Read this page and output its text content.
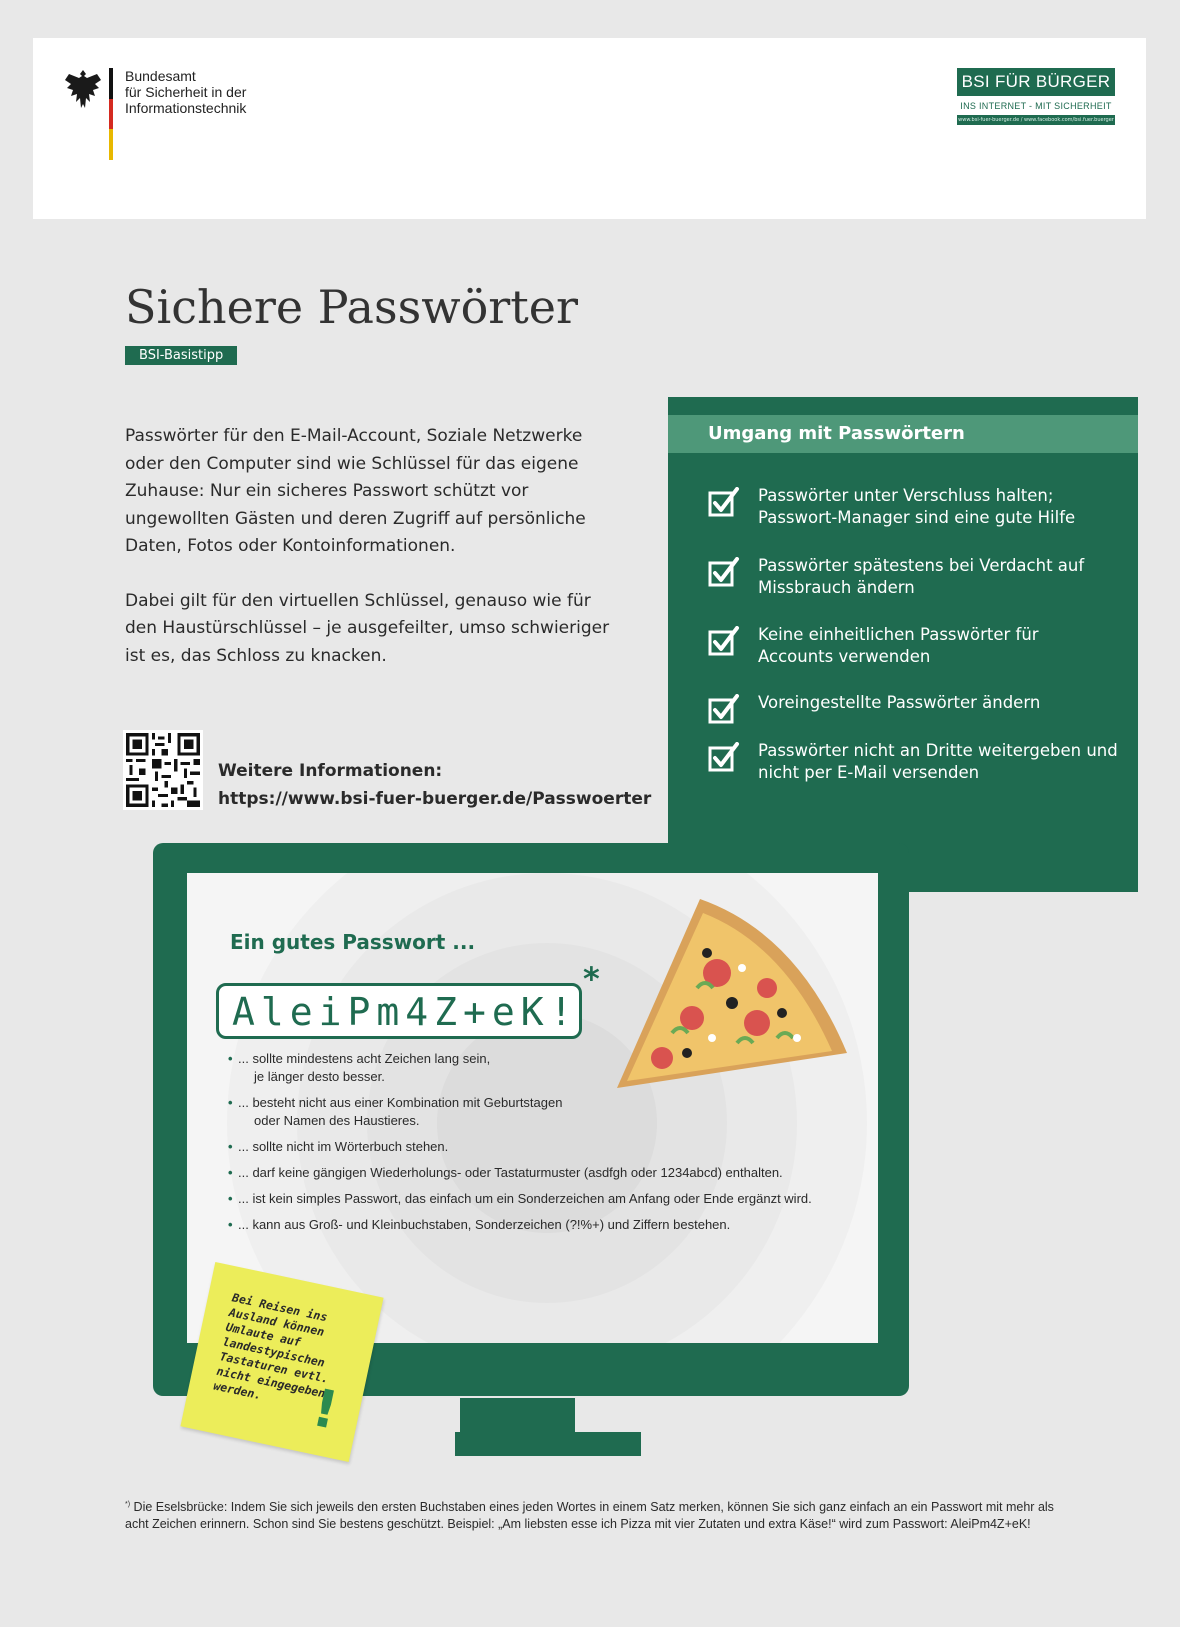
Bundesamt
für Sicherheit in der
Informationstechnik
BSI FÜR BÜRGER
INS INTERNET - MIT SICHERHEIT
www.bsi-fuer-buerger.de / www.facebook.com/bsi.fuer.buerger
Sichere Passwörter
BSI-Basistipp

Passwörter für den E-Mail-Account, Soziale Netzwerke oder den Computer sind wie Schlüssel für das eigene Zuhause: Nur ein sicheres Passwort schützt vor ungewollten Gästen und deren Zugriff auf persönliche Daten, Fotos oder Kontoinformationen.

Dabei gilt für den virtuellen Schlüssel, genauso wie für den Haustürschlüssel – je ausgefeilter, umso schwieriger ist es, das Schloss zu knacken.

Weitere Informationen:
https://www.bsi-fuer-buerger.de/Passwoerter
Umgang mit Passwörtern
Passwörter unter Verschluss halten; Passwort-Manager sind eine gute Hilfe
Passwörter spätestens bei Verdacht auf Missbrauch ändern
Keine einheitlichen Passwörter für Accounts verwenden
Voreingestellte Passwörter ändern
Passwörter nicht an Dritte weitergeben und nicht per E-Mail versenden
Ein gutes Passwort ...
AleiPm4Z+eK!
*
• ... sollte mindestens acht Zeichen lang sein,
je länger desto besser.
• ... besteht nicht aus einer Kombination mit Geburtstagen
oder Namen des Haustieres.
• ... sollte nicht im Wörterbuch stehen.
• ... darf keine gängigen Wiederholungs- oder Tastaturmuster (asdfgh oder 1234abcd) enthalten.
• ... ist kein simples Passwort, das einfach um ein Sonderzeichen am Anfang oder Ende ergänzt wird.
• ... kann aus Groß- und Kleinbuchstaben, Sonderzeichen (?!%+) und Ziffern bestehen.
Bei Reisen ins Ausland können Umlaute auf landestypischen Tastaturen evtl. nicht eingegeben werden. !
*) Die Eselsbrücke: Indem Sie sich jeweils den ersten Buchstaben eines jeden Wortes in einem Satz merken, können Sie sich ganz einfach an ein Passwort mit mehr als acht Zeichen erinnern. Schon sind Sie bestens geschützt. Beispiel: „Am liebsten esse ich Pizza mit vier Zutaten und extra Käse!“ wird zum Passwort: AleiPm4Z+eK!
